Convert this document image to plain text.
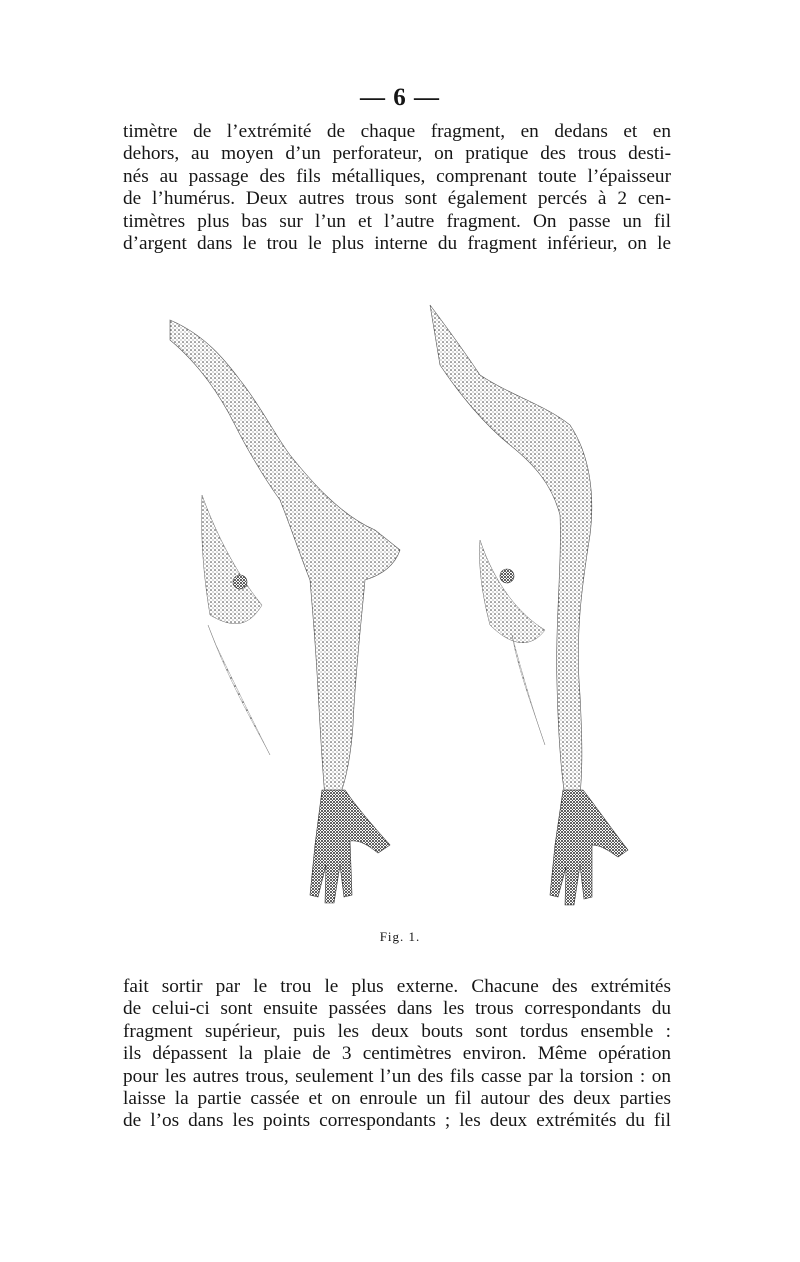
— 6 —
timètre de l’extrémité de chaque fragment, en dedans et en
dehors, au moyen d’un perforateur, on pratique des trous desti-
nés au passage des fils métalliques, comprenant toute l’épaisseur
de l’humérus. Deux autres trous sont également percés à 2 cen-
timètres plus bas sur l’un et l’autre fragment. On passe un fil
d’argent dans le trou le plus interne du fragment inférieur, on le
Fig. 1.
fait sortir par le trou le plus externe. Chacune des extrémités
de celui-ci sont ensuite passées dans les trous correspondants du
fragment supérieur, puis les deux bouts sont tordus ensemble :
ils dépassent la plaie de 3 centimètres environ. Même opération
pour les autres trous, seulement l’un des fils casse par la torsion : on
laisse la partie cassée et on enroule un fil autour des deux parties
de l’os dans les points correspondants ; les deux extrémités du fil
